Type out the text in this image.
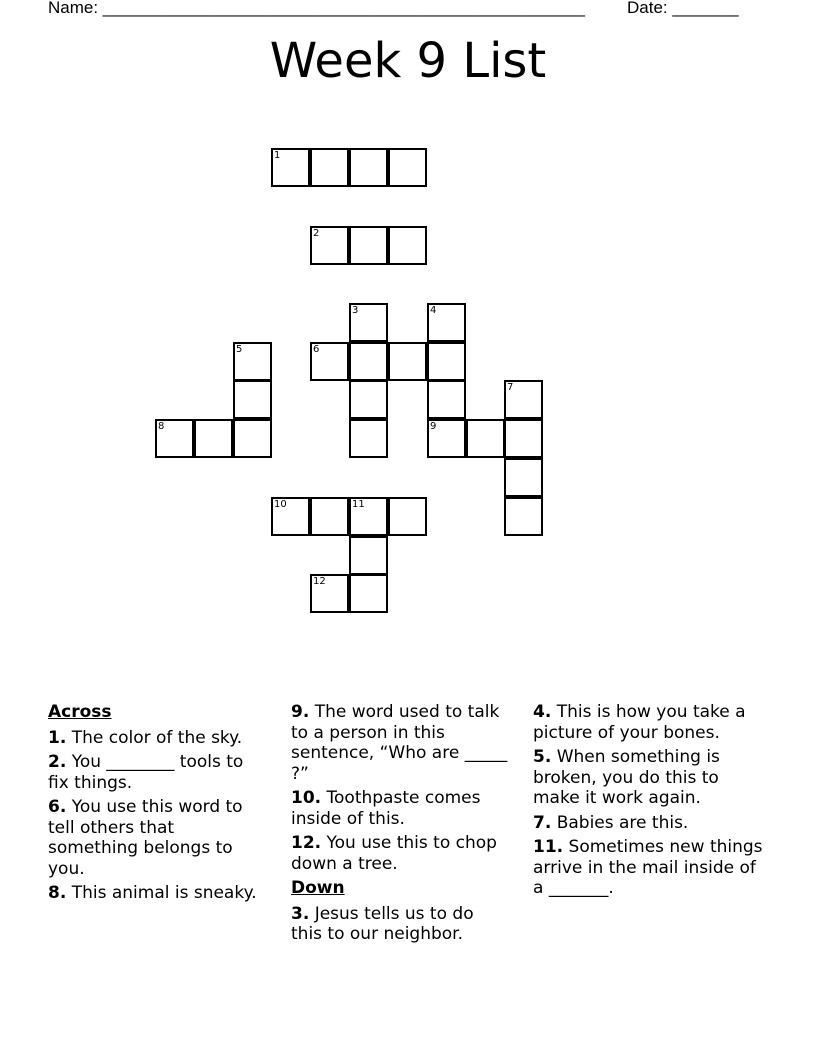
Name: ___________________________________________________ Date: _______
Week 9 List
1
2
3	4
5	6
7
8	9
10	11
12
Across
1. The color of the sky.
2. You ________ tools to fix things.
6. You use this word to tell others that something belongs to you.
8. This animal is sneaky.
9. The word used to talk to a person in this sentence, “Who are _____ ?”
10. Toothpaste comes inside of this.
12. You use this to chop down a tree.
Down
3. Jesus tells us to do this to our neighbor.
4. This is how you take a picture of your bones.
5. When something is broken, you do this to make it work again.
7. Babies are this.
11. Sometimes new things arrive in the mail inside of a _______.
